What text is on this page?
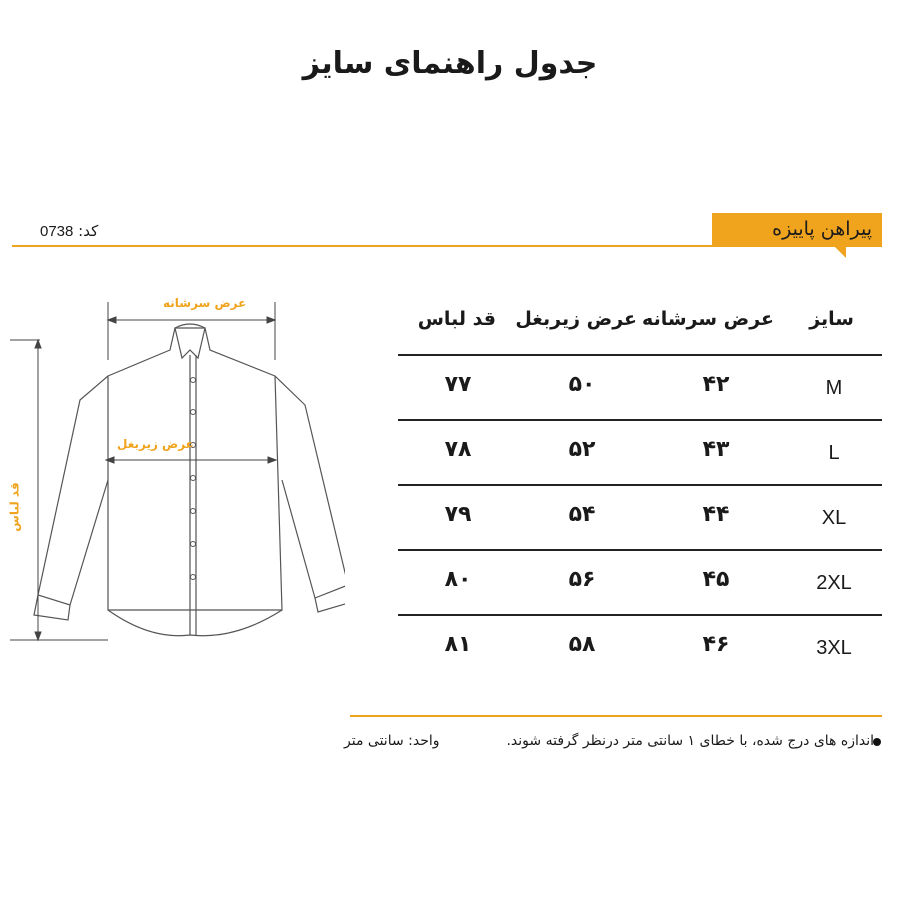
جدول راهنمای سایز
کد: 0738	پیراهن پاییزه
عرض سرشانه
عرض زیربغل
قد لباس
سایز
عرض سرشانه
عرض زیربغل
قد لباس
M
۴۲
۵۰
۷۷
L
۴۳
۵۲
۷۸
XL
۴۴
۵۴
۷۹
2XL
۴۵
۵۶
۸۰
3XL
۴۶
۵۸
۸۱
اندازه های درج شده، با خطای ۱ سانتی متر درنظر گرفته شوند.
واحد: سانتی متر
